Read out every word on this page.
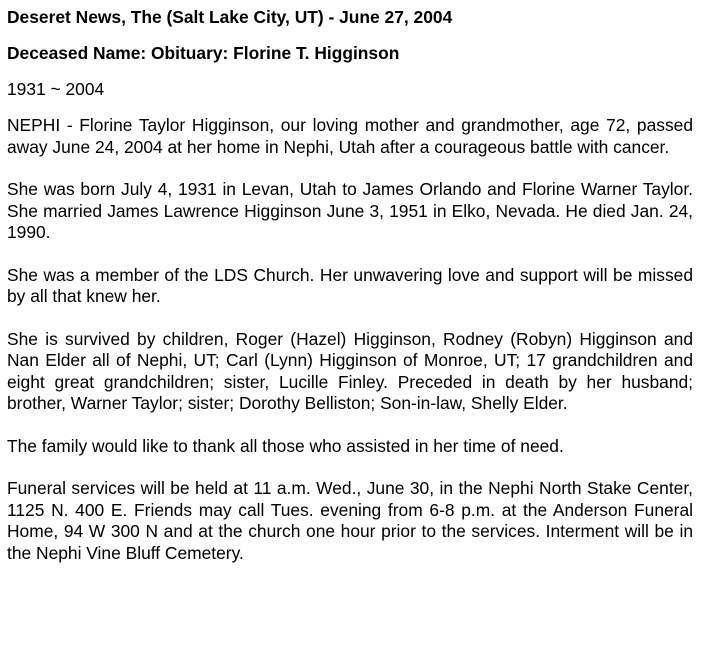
Deseret News, The (Salt Lake City, UT) - June 27, 2004
Deceased Name: Obituary: Florine T. Higginson
1931 ~ 2004

NEPHI - Florine Taylor Higginson, our loving mother and grandmother, age 72, passed away June 24, 2004 at her home in Nephi, Utah after a courageous battle with cancer.

She was born July 4, 1931 in Levan, Utah to James Orlando and Florine Warner Taylor. She married James Lawrence Higginson June 3, 1951 in Elko, Nevada. He died Jan. 24, 1990.

She was a member of the LDS Church. Her unwavering love and support will be missed by all that knew her.

She is survived by children, Roger (Hazel) Higginson, Rodney (Robyn) Higginson and Nan Elder all of Nephi, UT; Carl (Lynn) Higginson of Monroe, UT; 17 grandchildren and eight great grandchildren; sister, Lucille Finley. Preceded in death by her husband; brother, Warner Taylor; sister; Dorothy Belliston; Son-in-law, Shelly Elder.

The family would like to thank all those who assisted in her time of need.

Funeral services will be held at 11 a.m. Wed., June 30, in the Nephi North Stake Center, 1125 N. 400 E. Friends may call Tues. evening from 6-8 p.m. at the Anderson Funeral Home, 94 W 300 N and at the church one hour prior to the services. Interment will be in the Nephi Vine Bluff Cemetery.
